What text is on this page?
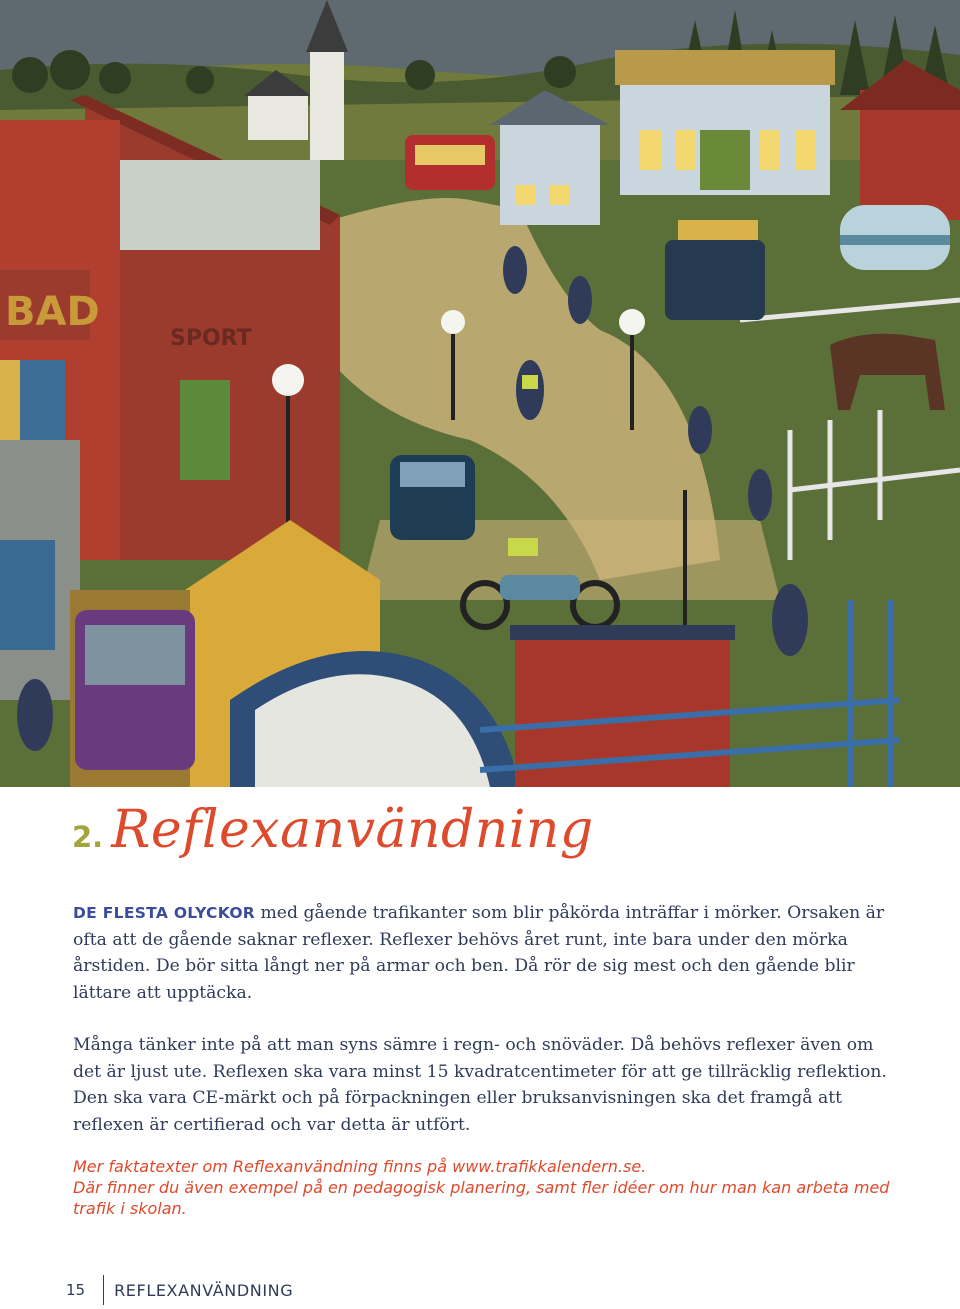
BAD
SPORT
2. Reflexanvändning

DE FLESTA OLYCKOR med gående trafikanter som blir påkörda inträffar i mörker. Orsaken är ofta att de gående saknar reflexer. Reflexer behövs året runt, inte bara under den mörka årstiden. De bör sitta långt ner på armar och ben. Då rör de sig mest och den gående blir lättare att upptäcka.

Många tänker inte på att man syns sämre i regn- och snöväder. Då behövs reflexer även om det är ljust ute. Reflexen ska vara minst 15 kvadratcentimeter för att ge tillräcklig reflektion. Den ska vara CE-märkt och på förpackningen eller bruksanvisningen ska det framgå att reflexen är certifierad och var detta är utfört.

Mer faktatexter om Reflexanvändning finns på www.trafikkalendern.se.
Där finner du även exempel på en pedagogisk planering, samt fler idéer om hur man kan arbeta med trafik i skolan.

15	REFLEXANVÄNDNING
